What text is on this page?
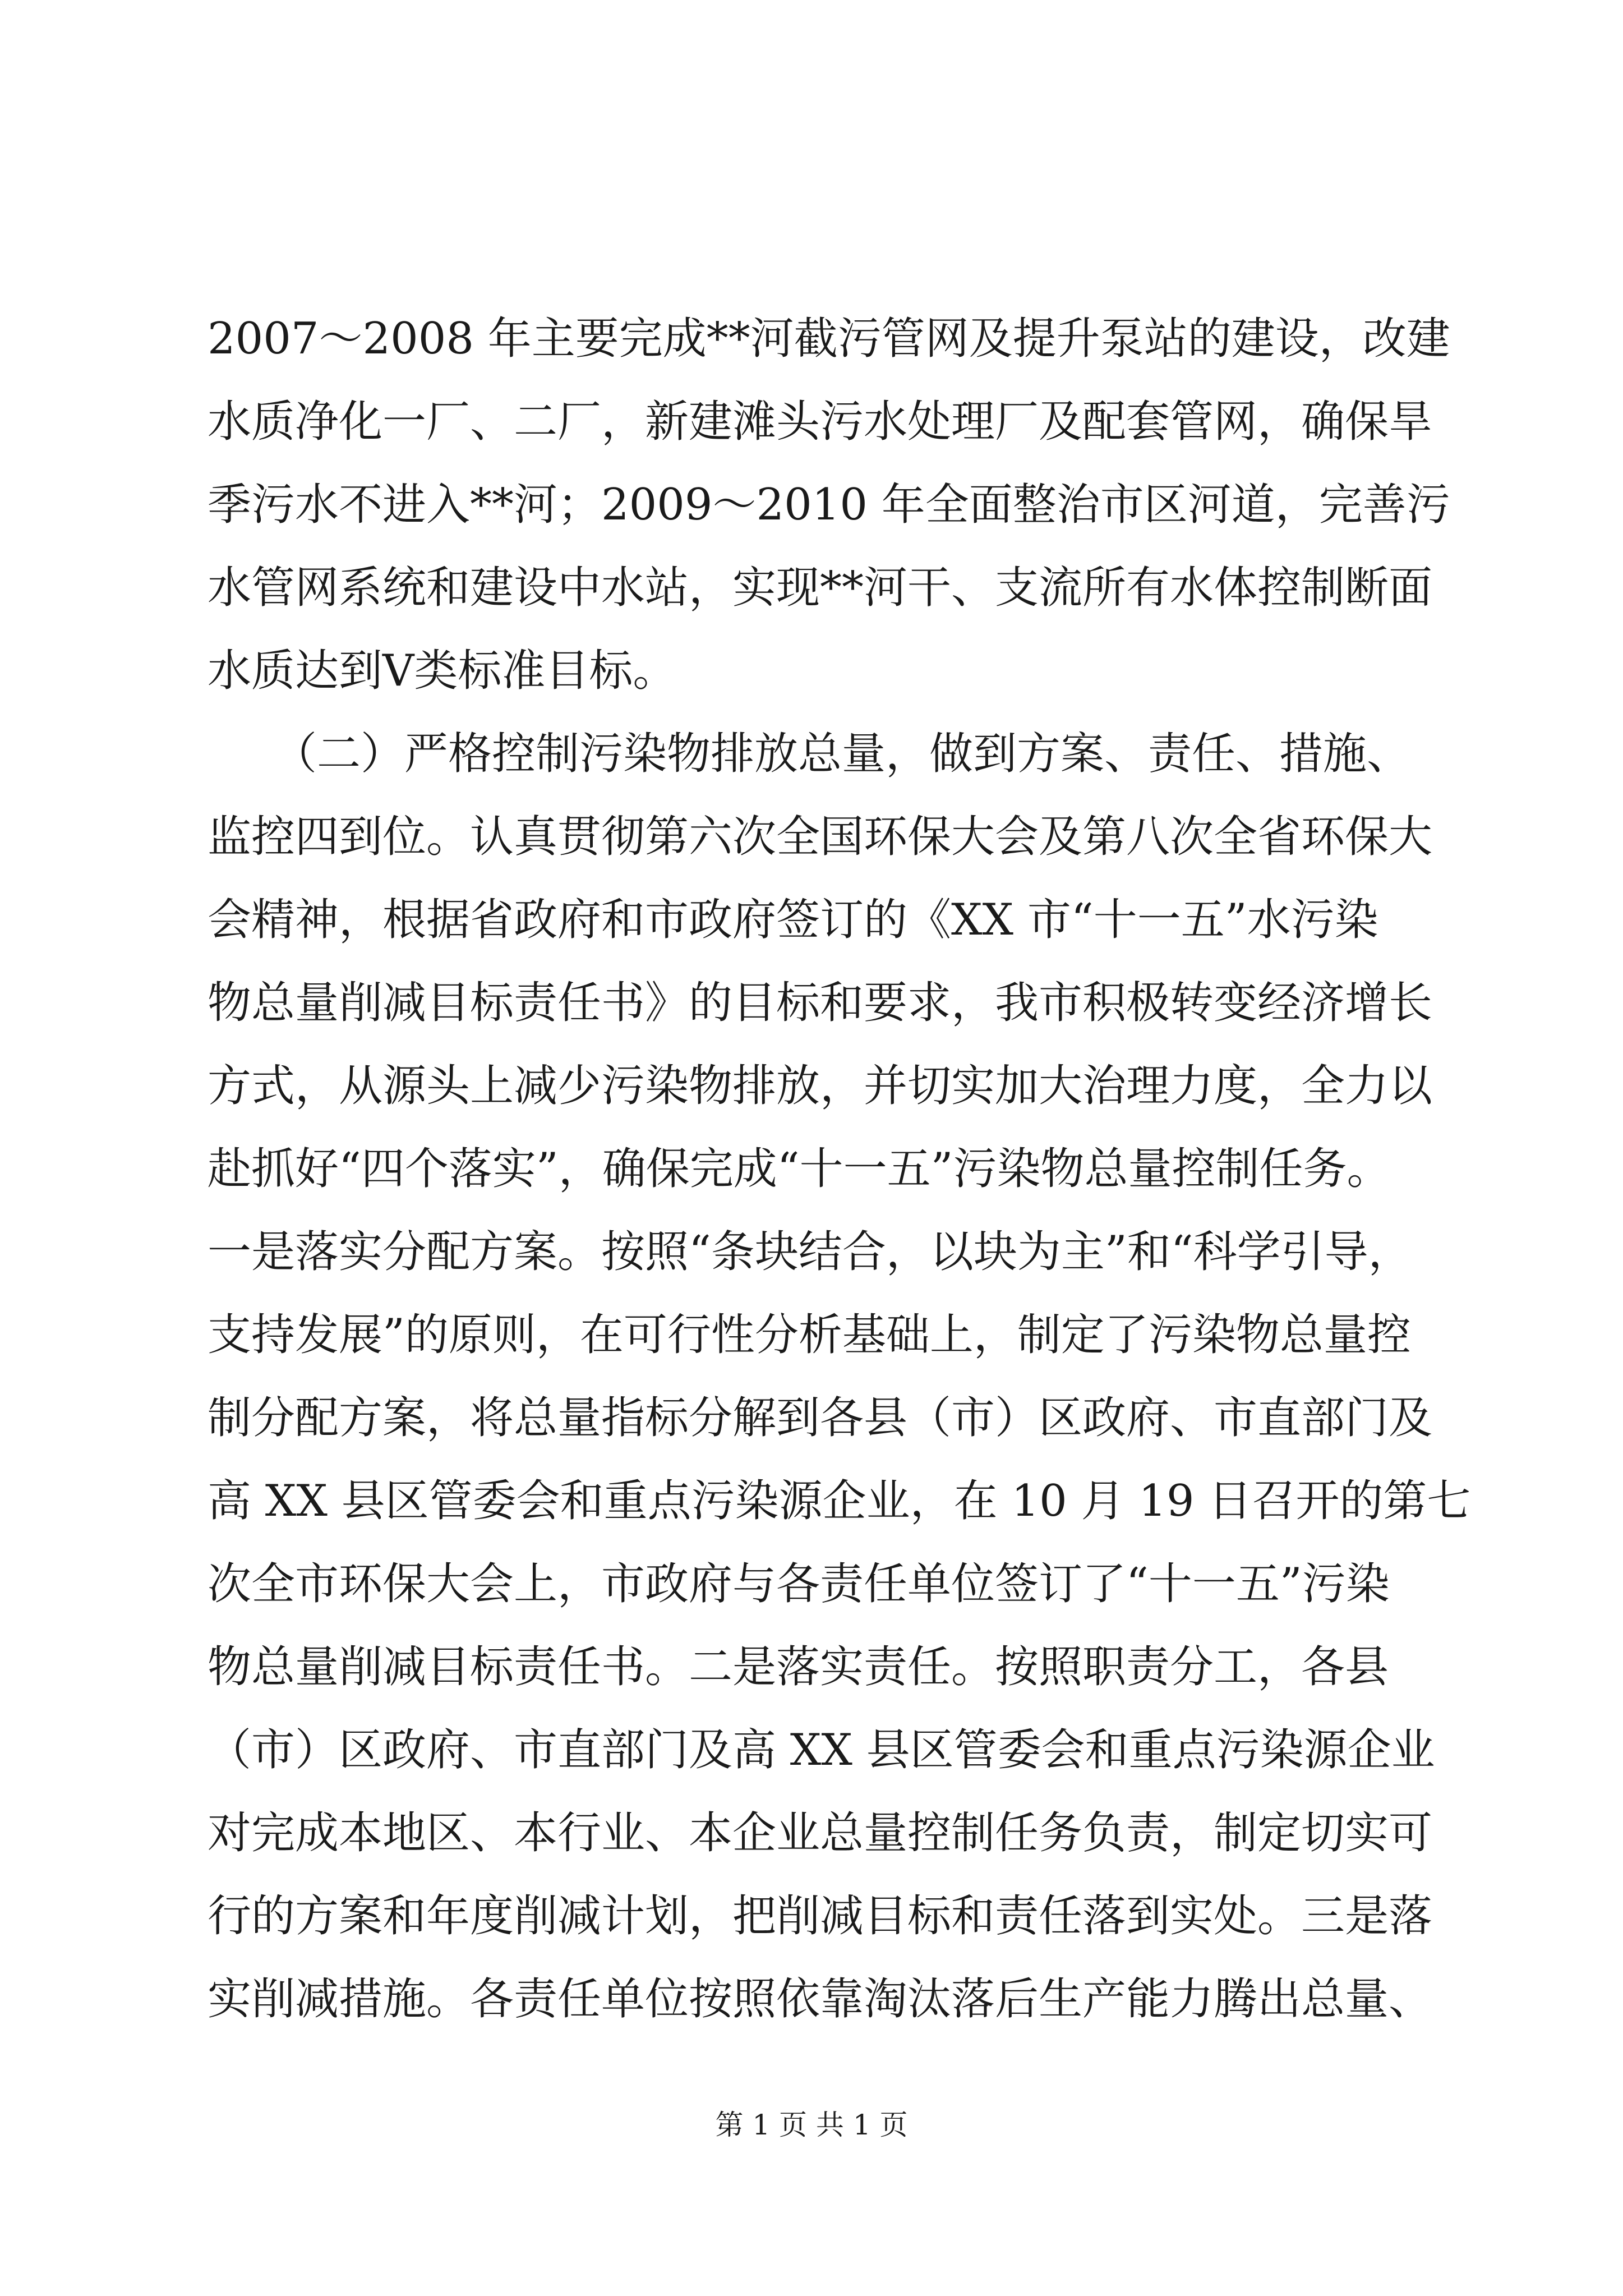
2007～2008 年主要完成**河截污管网及提升泵站的建设，改建
水质净化一厂、二厂，新建滩头污水处理厂及配套管网，确保旱
季污水不进入**河；2009～2010 年全面整治市区河道，完善污
水管网系统和建设中水站，实现**河干、支流所有水体控制断面
水质达到Ⅴ类标准目标。
　　（二）严格控制污染物排放总量，做到方案、责任、措施、
监控四到位。认真贯彻第六次全国环保大会及第八次全省环保大
会精神，根据省政府和市政府签订的《XX 市“十一五”水污染
物总量削减目标责任书》的目标和要求，我市积极转变经济增长
方式，从源头上减少污染物排放，并切实加大治理力度，全力以
赴抓好“四个落实”，确保完成“十一五”污染物总量控制任务。
一是落实分配方案。按照“条块结合，以块为主”和“科学引导，
支持发展”的原则，在可行性分析基础上，制定了污染物总量控
制分配方案，将总量指标分解到各县（市）区政府、市直部门及
高 XX 县区管委会和重点污染源企业，在 10 月 19 日召开的第七
次全市环保大会上，市政府与各责任单位签订了“十一五”污染
物总量削减目标责任书。二是落实责任。按照职责分工，各县
（市）区政府、市直部门及高 XX 县区管委会和重点污染源企业
对完成本地区、本行业、本企业总量控制任务负责，制定切实可
行的方案和年度削减计划，把削减目标和责任落到实处。三是落
实削减措施。各责任单位按照依靠淘汰落后生产能力腾出总量、
第 1 页 共 1 页
